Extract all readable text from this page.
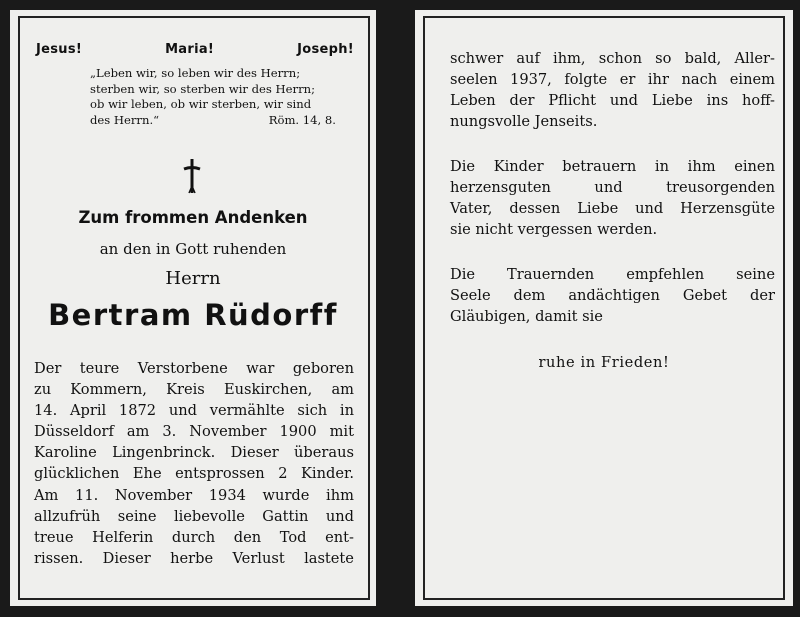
Jesus!	Maria!	Joseph!
„Leben wir, so leben wir des Herrn;
sterben wir, so sterben wir des Herrn;
ob wir leben, ob wir sterben, wir sind
des Herrn.“	Röm. 14, 8.
Zum frommen Andenken
an den in Gott ruhenden
Herrn
Bertram Rüdorff
Der teure Verstorbene war geboren
zu Kommern, Kreis Euskirchen, am
14. April 1872 und vermählte sich in
Düsseldorf am 3. November 1900 mit
Karoline Lingenbrinck. Dieser überaus
glücklichen Ehe entsprossen 2 Kinder.
Am 11. November 1934 wurde ihm
allzufrüh seine liebevolle Gattin und
treue Helferin durch den Tod ent-
rissen. Dieser herbe Verlust lastete
schwer auf ihm, schon so bald, Aller-
seelen 1937, folgte er ihr nach einem
Leben der Pflicht und Liebe ins hoff-
nungsvolle Jenseits.
Die Kinder betrauern in ihm einen
herzensguten	und	treusorgenden
Vater, dessen Liebe und Herzensgüte
sie nicht vergessen werden.
Die Trauernden empfehlen seine
Seele dem andächtigen Gebet der
Gläubigen, damit sie
ruhe in Frieden!
